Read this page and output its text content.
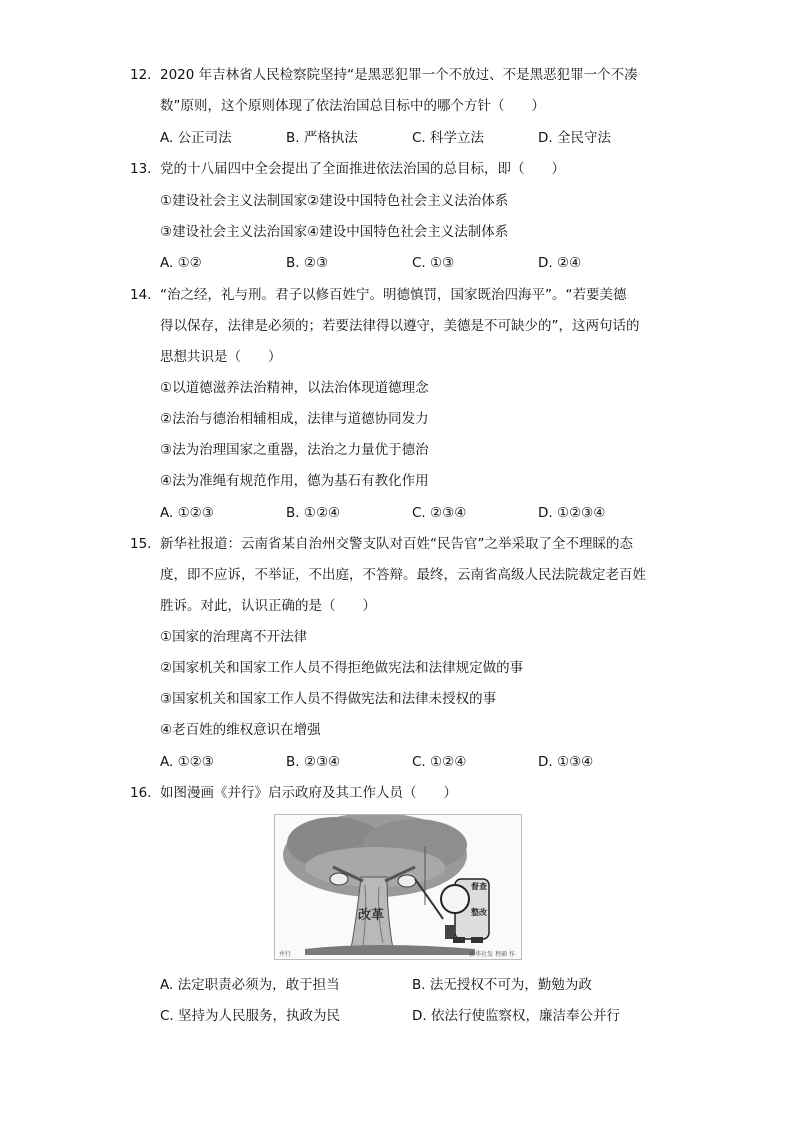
12. 2020 年吉林省人民检察院坚持“是黑恶犯罪一个不放过、不是黑恶犯罪一个不凑
数”原则，这个原则体现了依法治国总目标中的哪个方针（　　）
A. 公正司法	B. 严格执法	C. 科学立法	D. 全民守法
13. 党的十八届四中全会提出了全面推进依法治国的总目标，即（　　）
①建设社会主义法制国家②建设中国特色社会主义法治体系
③建设社会主义法治国家④建设中国特色社会主义法制体系
A. ①②	B. ②③	C. ①③	D. ②④
14. “治之经，礼与刑。君子以修百姓宁。明德慎罚，国家既治四海平”。“若要美德
得以保存，法律是必须的；若要法律得以遵守，美德是不可缺少的”，这两句话的
思想共识是（　　）
①以道德滋养法治精神，以法治体现道德理念
②法治与德治相辅相成，法律与道德协同发力
③法为治理国家之重器，法治之力量优于德治
④法为准绳有规范作用，德为基石有教化作用
A. ①②③	B. ①②④	C. ②③④	D. ①②③④
15. 新华社报道：云南省某自治州交警支队对百姓“民告官”之举采取了全不理睬的态
度，即不应诉，不举证，不出庭，不答辩。最终，云南省高级人民法院裁定老百姓
胜诉。对此，认识正确的是（　　）
①国家的治理离不开法律
②国家机关和国家工作人员不得拒绝做宪法和法律规定做的事
③国家机关和国家工作人员不得做宪法和法律未授权的事
④老百姓的维权意识在增强
A. ①②③	B. ②③④	C. ①②④	D. ①③④
16. 如图漫画《并行》启示政府及其工作人员（　　）
改革
督查
整改
并行	新华社发 程硕 作
A. 法定职责必须为，敢于担当	B. 法无授权不可为，勤勉为政
C. 坚持为人民服务，执政为民	D. 依法行使监察权，廉洁奉公并行
